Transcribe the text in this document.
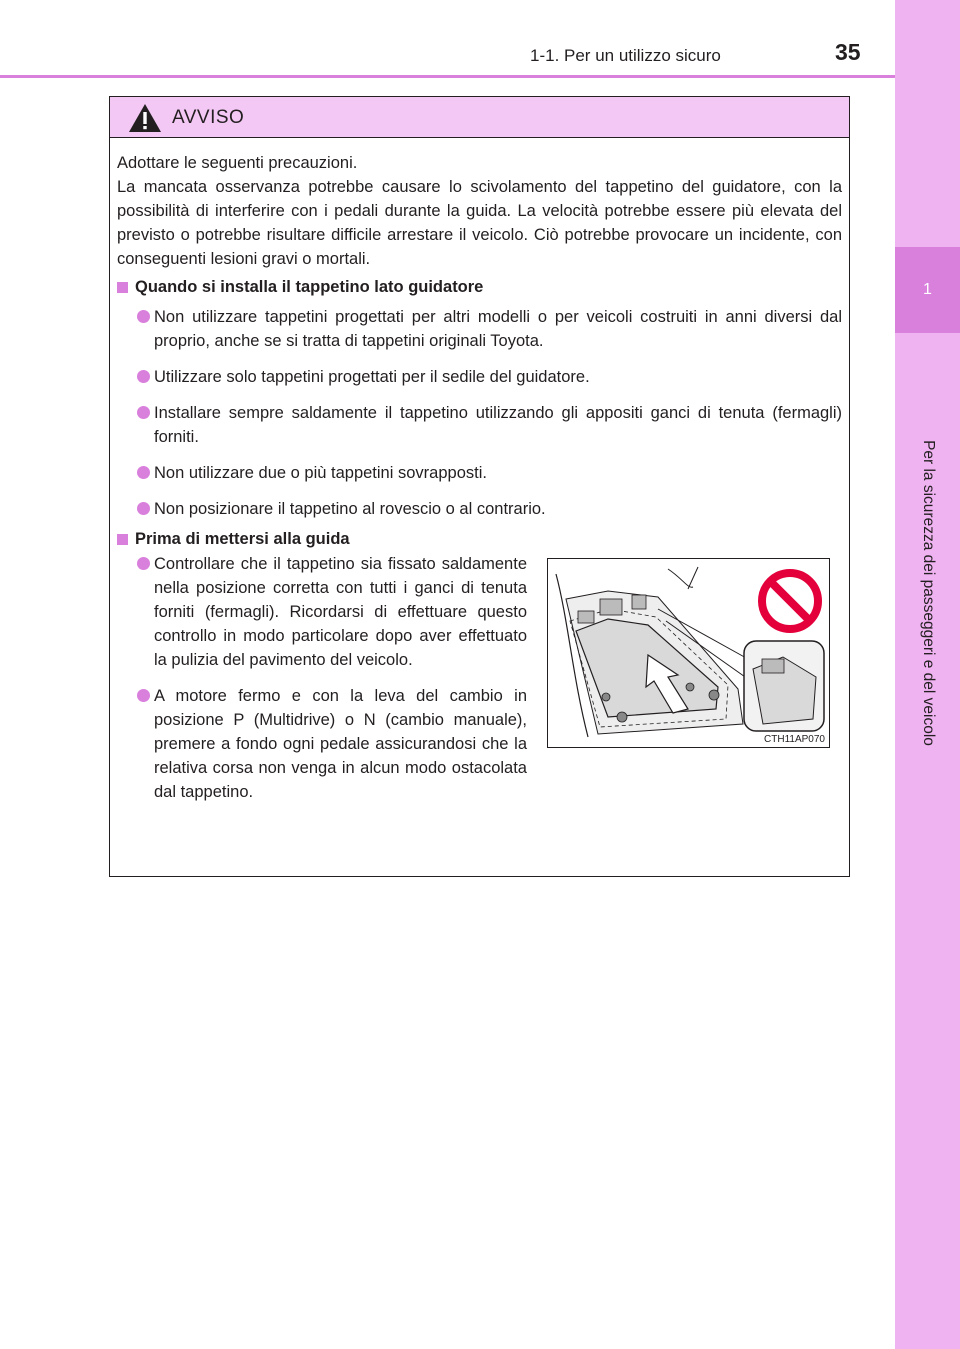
1
Per la sicurezza dei passeggeri e del veicolo
1-1. Per un utilizzo sicuro	35
AVVISO

Adottare le seguenti precauzioni.

La mancata osservanza potrebbe causare lo scivolamento del tappetino del guidatore, con la possibilità di interferire con i pedali durante la guida. La velocità potrebbe essere più elevata del previsto o potrebbe risultare difficile arrestare il veicolo. Ciò potrebbe provocare un incidente, con conseguenti lesioni gravi o mortali.

Quando si installa il tappetino lato guidatore
Non utilizzare tappetini progettati per altri modelli o per veicoli costruiti in anni diversi dal proprio, anche se si tratta di tappetini originali Toyota.
Utilizzare solo tappetini progettati per il sedile del guidatore.
Installare sempre saldamente il tappetino utilizzando gli appositi ganci di tenuta (fermagli) forniti.
Non utilizzare due o più tappetini sovrapposti.
Non posizionare il tappetino al rovescio o al contrario.
Prima di mettersi alla guida
Controllare che il tappetino sia fissato saldamente nella posizione corretta con tutti i ganci di tenuta forniti (fermagli). Ricordarsi di effettuare questo controllo in modo particolare dopo aver effettuato la pulizia del pavimento del veicolo.
A motore fermo e con la leva del cambio in posizione P (Multidrive) o N (cambio manuale), premere a fondo ogni pedale assicurandosi che la relativa corsa non venga in alcun modo ostacolata dal tappetino.
CTH11AP070
